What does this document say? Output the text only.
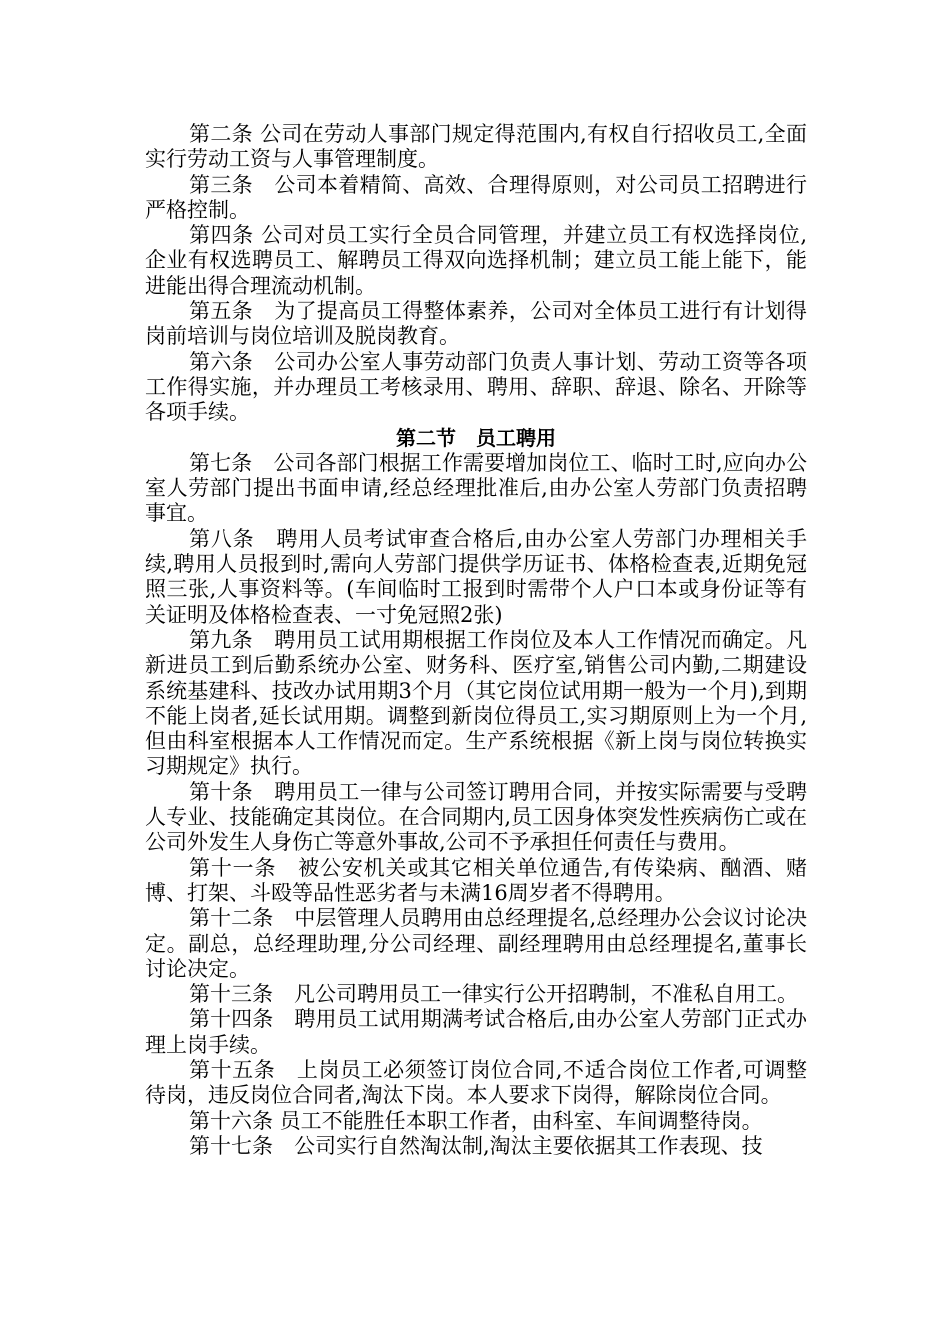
第二条 公司在劳动人事部门规定得范围内,有权自行招收员工,全面实行劳动工资与人事管理制度。

第三条　公司本着精简、高效、合理得原则，对公司员工招聘进行严格控制。

第四条 公司对员工实行全员合同管理，并建立员工有权选择岗位,企业有权选聘员工、解聘员工得双向选择机制；建立员工能上能下，能进能出得合理流动机制。

第五条　为了提高员工得整体素养，公司对全体员工进行有计划得岗前培训与岗位培训及脱岗教育。

第六条　公司办公室人事劳动部门负责人事计划、劳动工资等各项工作得实施，并办理员工考核录用、聘用、辞职、辞退、除名、开除等各项手续。

第二节　员工聘用

第七条　公司各部门根据工作需要增加岗位工、临时工时,应向办公室人劳部门提出书面申请,经总经理批准后,由办公室人劳部门负责招聘事宜。

第八条　聘用人员考试审查合格后,由办公室人劳部门办理相关手续,聘用人员报到时,需向人劳部门提供学历证书、体格检查表,近期免冠照三张,人事资料等。(车间临时工报到时需带个人户口本或身份证等有关证明及体格检查表、一寸免冠照2张)

第九条　聘用员工试用期根据工作岗位及本人工作情况而确定。凡新进员工到后勤系统办公室、财务科、医疗室,销售公司内勤,二期建设系统基建科、技改办试用期3个月（其它岗位试用期一般为一个月),到期不能上岗者,延长试用期。调整到新岗位得员工,实习期原则上为一个月,但由科室根据本人工作情况而定。生产系统根据《新上岗与岗位转换实习期规定》执行。

第十条　聘用员工一律与公司签订聘用合同，并按实际需要与受聘人专业、技能确定其岗位。在合同期内,员工因身体突发性疾病伤亡或在公司外发生人身伤亡等意外事故,公司不予承担任何责任与费用。

第十一条　被公安机关或其它相关单位通告,有传染病、酗酒、赌博、打架、斗殴等品性恶劣者与未满16周岁者不得聘用。

第十二条　中层管理人员聘用由总经理提名,总经理办公会议讨论决定。副总，总经理助理,分公司经理、副经理聘用由总经理提名,董事长讨论决定。

第十三条　凡公司聘用员工一律实行公开招聘制，不准私自用工。

第十四条　聘用员工试用期满考试合格后,由办公室人劳部门正式办理上岗手续。

第十五条　上岗员工必须签订岗位合同,不适合岗位工作者,可调整待岗，违反岗位合同者,淘汰下岗。本人要求下岗得，解除岗位合同。

第十六条 员工不能胜任本职工作者，由科室、车间调整待岗。

第十七条　公司实行自然淘汰制,淘汰主要依据其工作表现、技
